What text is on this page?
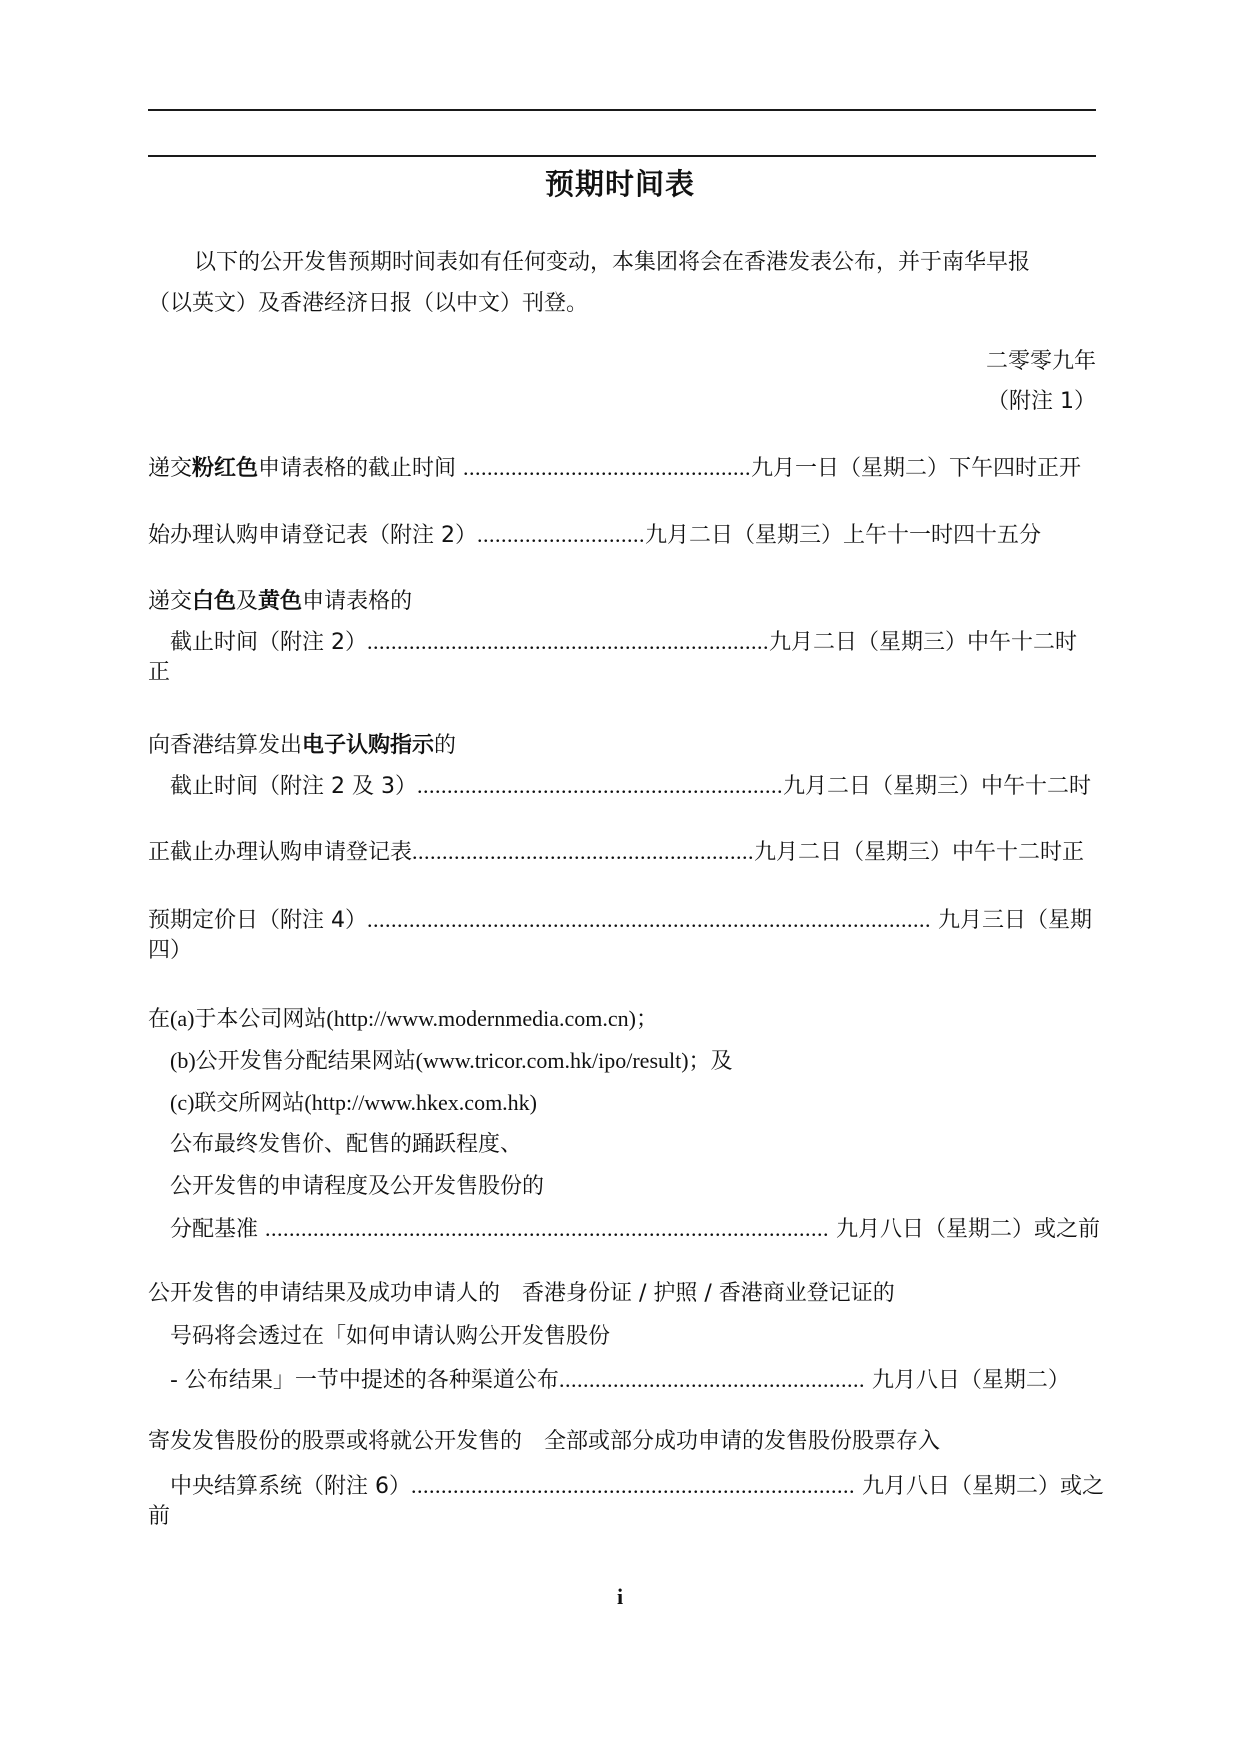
预期时间表
以下的公开发售预期时间表如有任何变动，本集团将会在香港发表公布，并于南华早报
（以英文）及香港经济日报（以中文）刊登。
二零零九年
（附注 1）
递交粉红色申请表格的截止时间 ................................................九月一日（星期二）下午四时正开
始办理认购申请登记表（附注 2）............................九月二日（星期三）上午十一时四十五分
递交白色及黄色申请表格的
截止时间（附注 2）...................................................................九月二日（星期三）中午十二时
正
向香港结算发出电子认购指示的
截止时间（附注 2 及 3）.............................................................九月二日（星期三）中午十二时
正截止办理认购申请登记表.........................................................九月二日（星期三）中午十二时正
预期定价日（附注 4）.............................................................................................. 九月三日（星期
四）
在(a)于本公司网站(http://www.modernmedia.com.cn)；
(b)公开发售分配结果网站(www.tricor.com.hk/ipo/result)；及
(c)联交所网站(http://www.hkex.com.hk)
公布最终发售价、配售的踊跃程度、
公开发售的申请程度及公开发售股份的
分配基准 .............................................................................................. 九月八日（星期二）或之前
公开发售的申请结果及成功申请人的　香港身份证 / 护照 / 香港商业登记证的
号码将会透过在「如何申请认购公开发售股份
- 公布结果」一节中提述的各种渠道公布................................................... 九月八日（星期二）
寄发发售股份的股票或将就公开发售的　全部或部分成功申请的发售股份股票存入
中央结算系统（附注 6）.......................................................................... 九月八日（星期二）或之
前
i
